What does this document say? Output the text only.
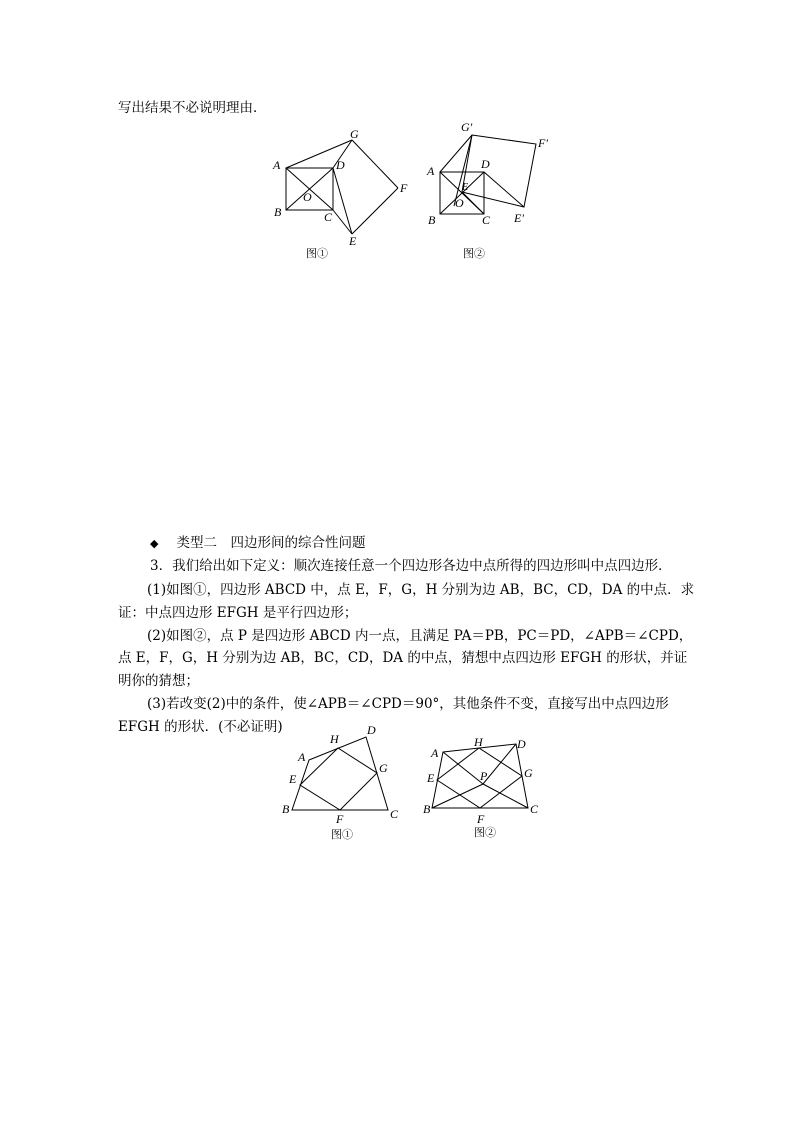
写出结果不必说明理由．
A	D
G
F
B
O
C
E
图①
G′
F′
D
A
E
O
B	C E′
图②
◆ 类型二　四边形间的综合性问题
3．我们给出如下定义：顺次连接任意一个四边形各边中点所得的四边形叫中点四边形．
(1)如图①，四边形 ABCD 中，点 E，F，G，H 分别为边 AB，BC，CD，DA 的中点．求
证：中点四边形 EFGH 是平行四边形；
(2)如图②，点 P 是四边形 ABCD 内一点，且满足 PA＝PB，PC＝PD，∠APB＝∠CPD，
点 E，F，G，H 分别为边 AB，BC，CD，DA 的中点，猜想中点四边形 EFGH 的形状，并证
明你的猜想；
(3)若改变(2)中的条件，使∠APB＝∠CPD＝90°，其他条件不变，直接写出中点四边形
EFGH 的形状．(不必证明)
A
H
D
E
G
B
F	C
图①
A
H	D
E	P	G
B
F
C
图②
